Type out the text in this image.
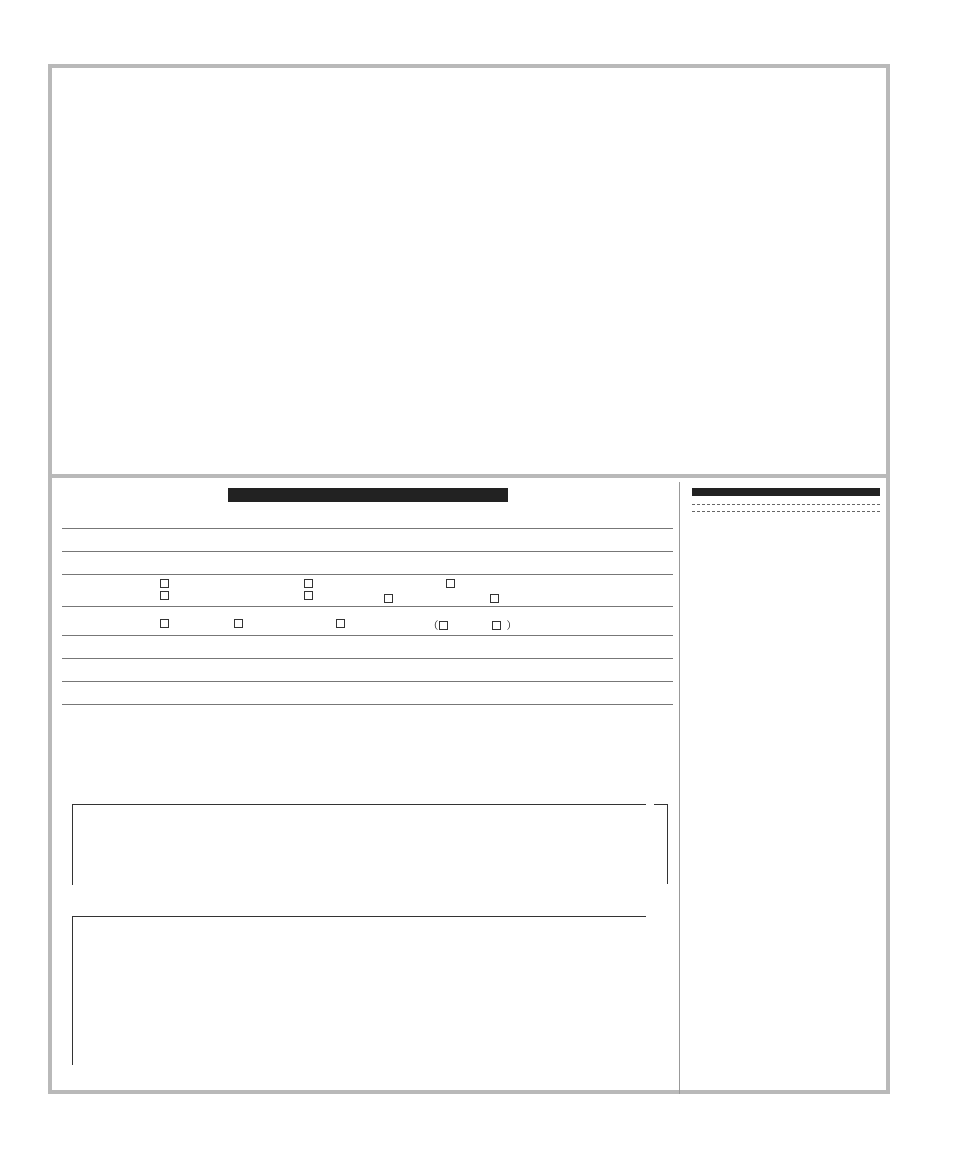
（	）
